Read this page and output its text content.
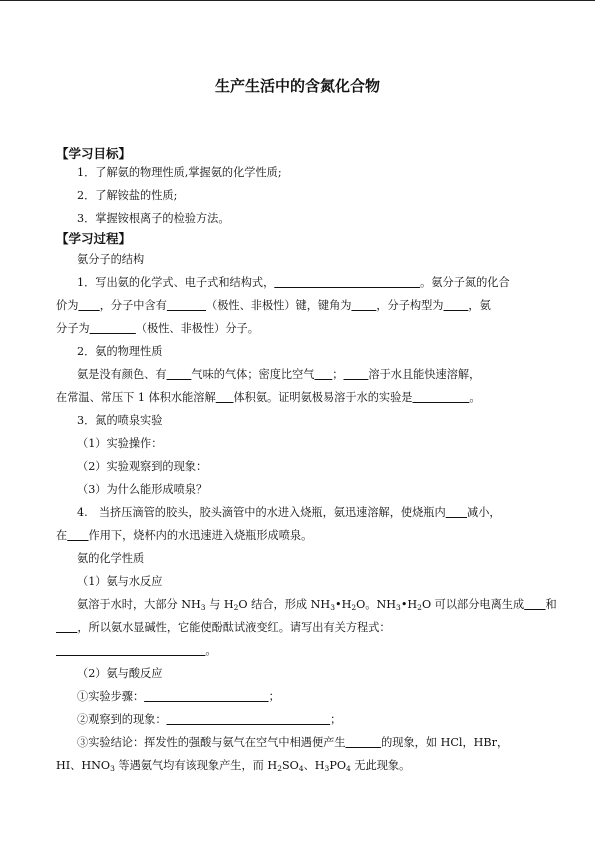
生产生活中的含氮化合物
【学习目标】
1．了解氨的物理性质,掌握氨的化学性质;
2．了解铵盐的性质;
3．掌握铵根离子的检验方法。
【学习过程】
氨分子的结构
1．写出氨的化学式、电子式和结构式，	。氨分子氮的化合
价为 ，分子中含有	（极性、非极性）键，键角为 ，分子构型为 ，氨
分子为	（极性、非极性）分子。
2．氨的物理性质
氨是没有颜色、有 气味的气体；密度比空气 ； 溶于水且能快速溶解，
在常温、常压下 1 体积水能溶解 体积氨。证明氨极易溶于水的实验是	。
3．氮的喷泉实验
（1）实验操作：
（2）实验观察到的现象：
（3）为什么能形成喷泉？
4.　当挤压滴管的胶头，胶头滴管中的水进入烧瓶，氨迅速溶解，使烧瓶内 减小，
在 作用下，烧杯内的水迅速进入烧瓶形成喷泉。
氨的化学性质
（1）氨与水反应
氨溶于水时，大部分 $NH_3$ 与 $H_2O$ 结合，形成 $NH_3•H_2O$。$NH_3•H_2O$ 可以部分电离生成 和
，所以氨水显碱性，它能使酚酞试液变红。请写出有关方程式：
。
（2）氨与酸反应
①实验步骤：	；
②观察到的现象：	；
③实验结论：挥发性的强酸与氨气在空气中相遇便产生	的现象，如 HCl，HBr，
HI、$HNO_3$ 等遇氨气均有该现象产生，而 $H_2SO_4$、$H_3PO_4$ 无此现象。
